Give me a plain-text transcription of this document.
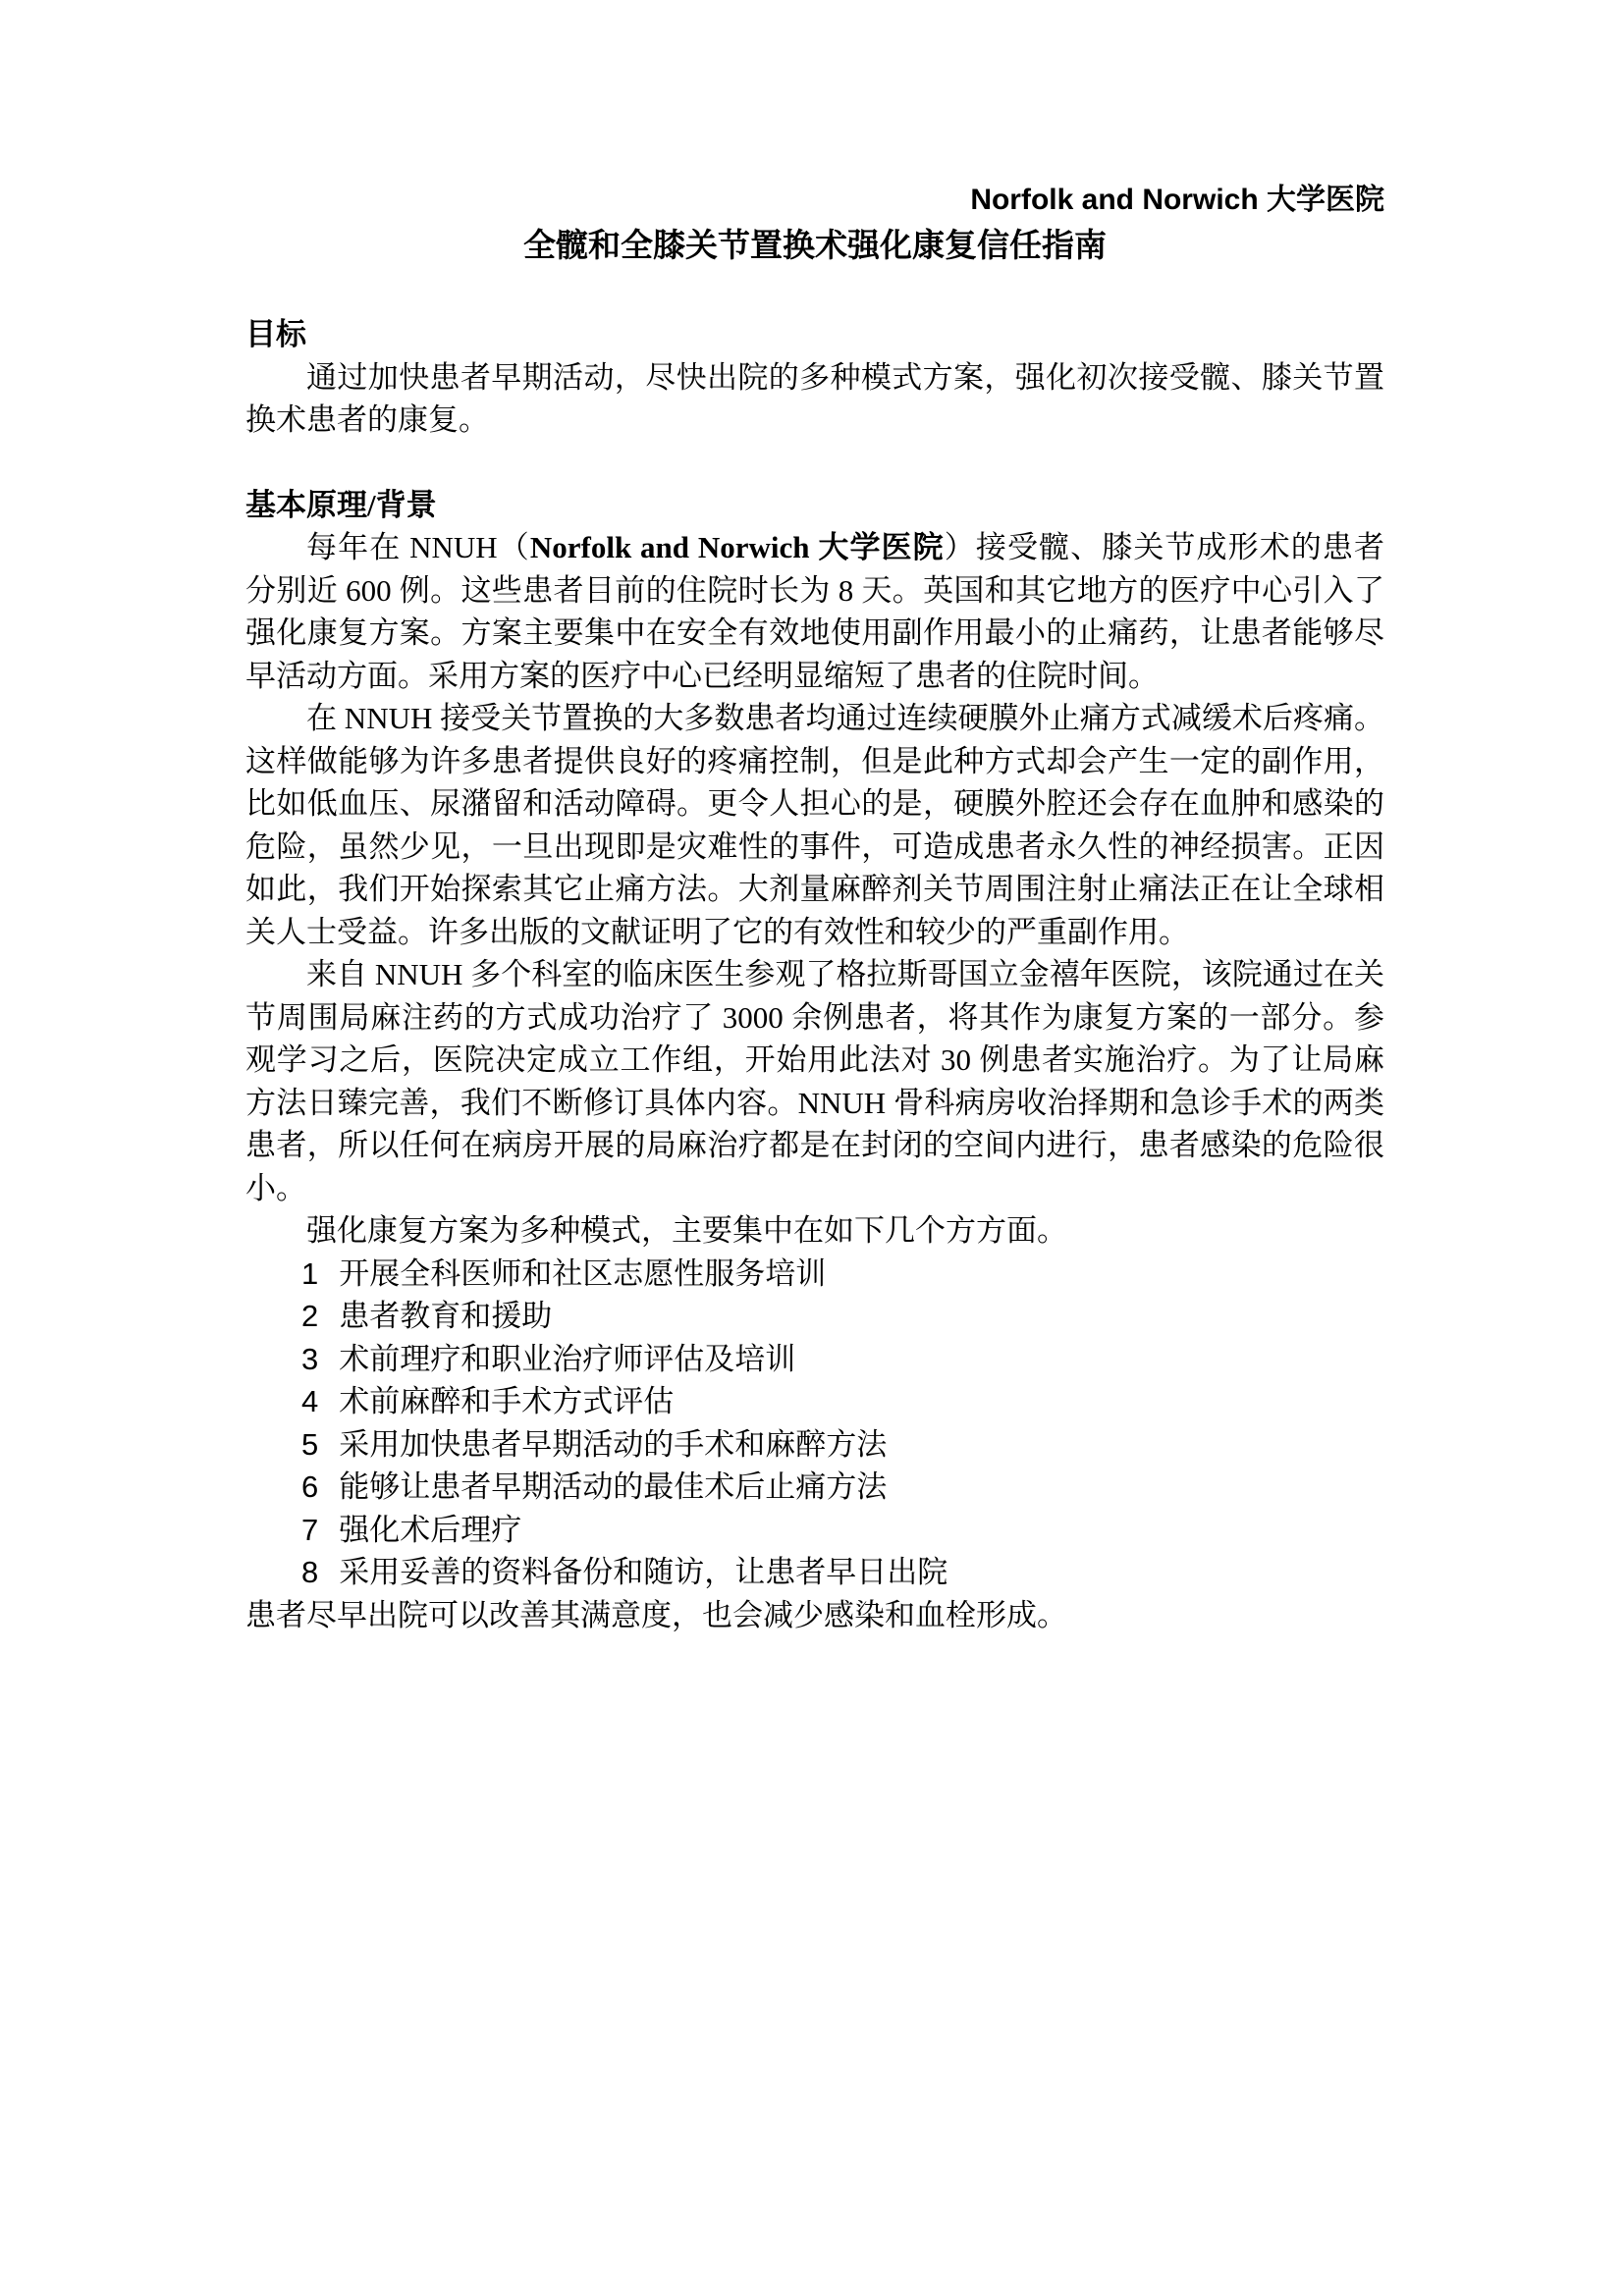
Norfolk and Norwich 大学医院
全髋和全膝关节置换术强化康复信任指南
目标

通过加快患者早期活动，尽快出院的多种模式方案，强化初次接受髋、膝关节置换术患者的康复。

基本原理/背景

每年在 NNUH（Norfolk and Norwich 大学医院）接受髋、膝关节成形术的患者分别近 600 例。这些患者目前的住院时长为 8 天。英国和其它地方的医疗中心引入了强化康复方案。方案主要集中在安全有效地使用副作用最小的止痛药，让患者能够尽早活动方面。采用方案的医疗中心已经明显缩短了患者的住院时间。

在 NNUH 接受关节置换的大多数患者均通过连续硬膜外止痛方式减缓术后疼痛。这样做能够为许多患者提供良好的疼痛控制，但是此种方式却会产生一定的副作用，比如低血压、尿潴留和活动障碍。更令人担心的是，硬膜外腔还会存在血肿和感染的危险，虽然少见，一旦出现即是灾难性的事件，可造成患者永久性的神经损害。正因如此，我们开始探索其它止痛方法。大剂量麻醉剂关节周围注射止痛法正在让全球相关人士受益。许多出版的文献证明了它的有效性和较少的严重副作用。

来自 NNUH 多个科室的临床医生参观了格拉斯哥国立金禧年医院，该院通过在关节周围局麻注药的方式成功治疗了 3000 余例患者，将其作为康复方案的一部分。参观学习之后，医院决定成立工作组，开始用此法对 30 例患者实施治疗。为了让局麻方法日臻完善，我们不断修订具体内容。NNUH 骨科病房收治择期和急诊手术的两类患者，所以任何在病房开展的局麻治疗都是在封闭的空间内进行，患者感染的危险很小。

强化康复方案为多种模式，主要集中在如下几个方方面。

1 开展全科医师和社区志愿性服务培训
2 患者教育和援助
3 术前理疗和职业治疗师评估及培训
4 术前麻醉和手术方式评估
5 采用加快患者早期活动的手术和麻醉方法
6 能够让患者早期活动的最佳术后止痛方法
7 强化术后理疗
8 采用妥善的资料备份和随访，让患者早日出院

患者尽早出院可以改善其满意度，也会减少感染和血栓形成。
